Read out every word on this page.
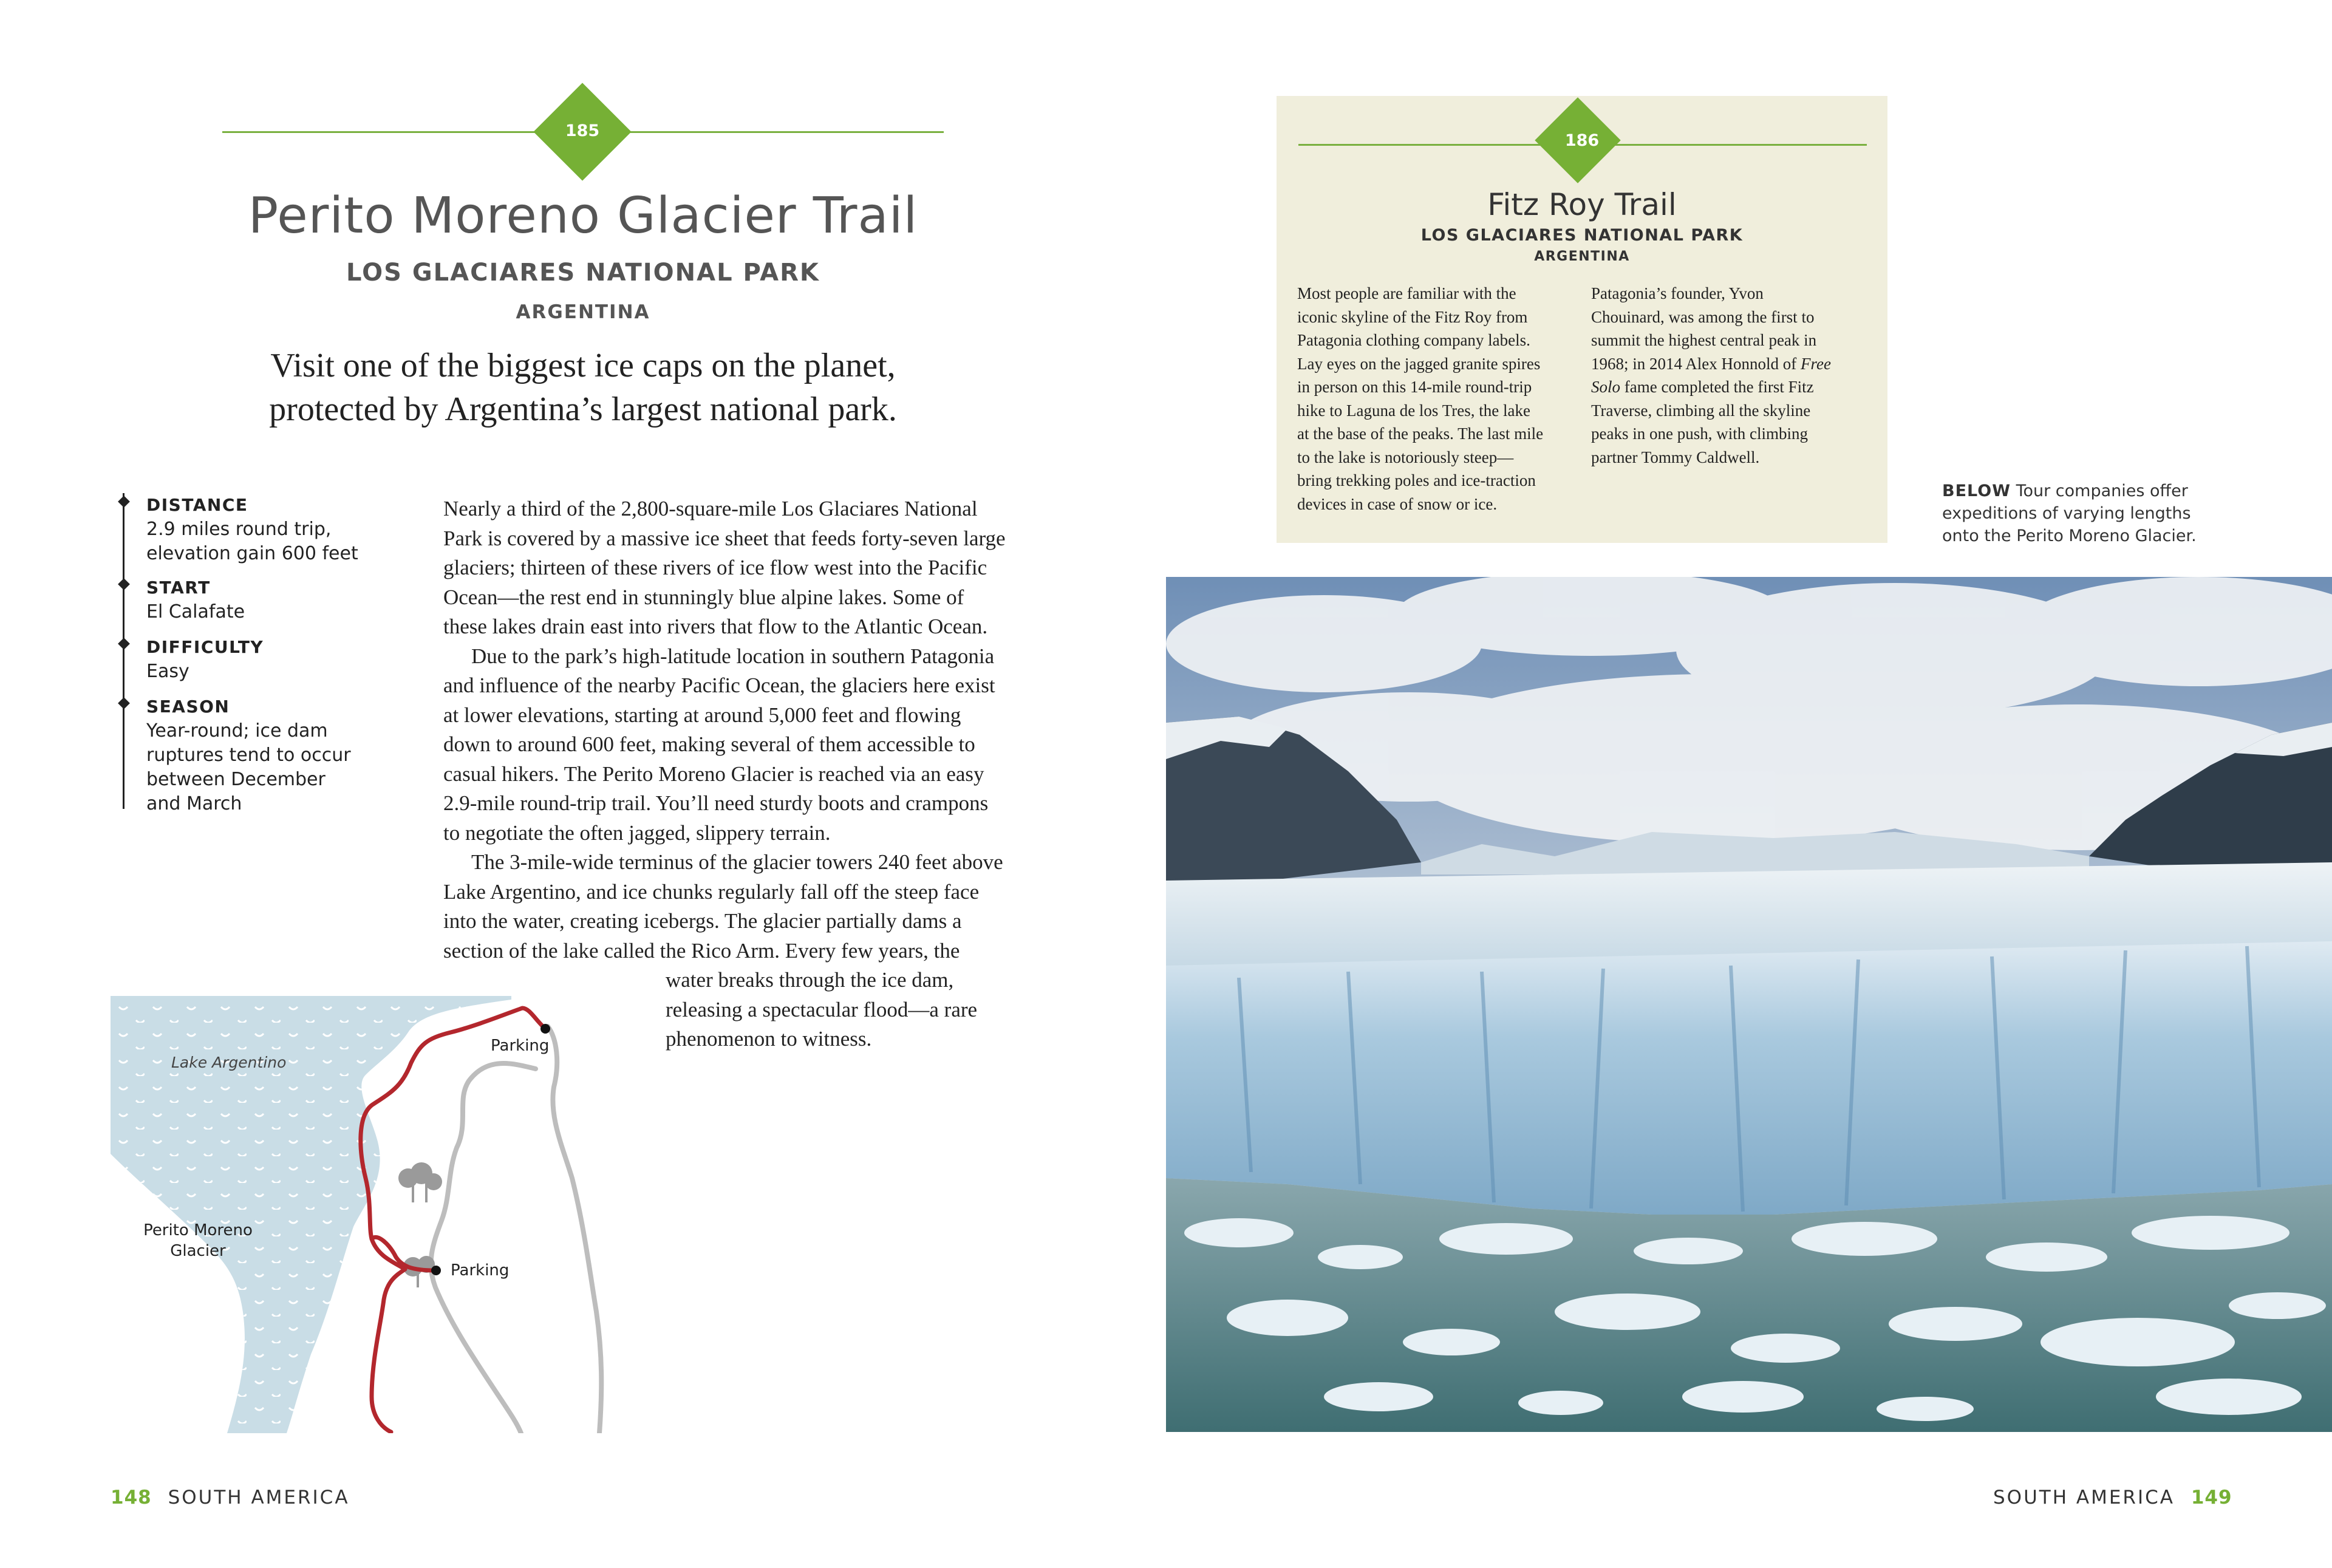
185
Perito Moreno Glacier Trail
LOS GLACIARES NATIONAL PARK
ARGENTINA
Visit one of the biggest ice caps on the planet,
protected by Argentina’s largest national park.
DISTANCE
2.9 miles round trip,
elevation gain 600 feet
START
El Calafate
DIFFICULTY
Easy
SEASON
Year-round; ice dam
ruptures tend to occur
between December
and March
Nearly a third of the 2,800-square-mile Los Glaciares National
Park is covered by a massive ice sheet that feeds forty-seven large
glaciers; thirteen of these rivers of ice flow west into the Pacific
Ocean—the rest end in stunningly blue alpine lakes. Some of
these lakes drain east into rivers that flow to the Atlantic Ocean.
Due to the park’s high-latitude location in southern Patagonia
and influence of the nearby Pacific Ocean, the glaciers here exist
at lower elevations, starting at around 5,000 feet and flowing
down to around 600 feet, making several of them accessible to
casual hikers. The Perito Moreno Glacier is reached via an easy
2.9-mile round-trip trail. You’ll need sturdy boots and crampons
to negotiate the often jagged, slippery terrain.
The 3-mile-wide terminus of the glacier towers 240 feet above
Lake Argentino, and ice chunks regularly fall off the steep face
into the water, creating icebergs. The glacier partially dams a
section of the lake called the Rico Arm. Every few years, the
water breaks through the ice dam,
releasing a spectacular flood—a rare
phenomenon to witness.
Lake Argentino
Parking
Parking
Perito Moreno
Glacier
148 SOUTH AMERICA
186
Fitz Roy Trail
LOS GLACIARES NATIONAL PARK
ARGENTINA
Most people are familiar with the
iconic skyline of the Fitz Roy from
Patagonia clothing company labels.
Lay eyes on the jagged granite spires
in person on this 14-mile round-trip
hike to Laguna de los Tres, the lake
at the base of the peaks. The last mile
to the lake is notoriously steep—
bring trekking poles and ice-traction
devices in case of snow or ice.
Patagonia’s founder, Yvon
Chouinard, was among the first to
summit the highest central peak in
1968; in 2014 Alex Honnold of Free
Solo fame completed the first Fitz
Traverse, climbing all the skyline
peaks in one push, with climbing
partner Tommy Caldwell.
BELOW Tour companies offer
expeditions of varying lengths
onto the Perito Moreno Glacier.
SOUTH AMERICA 149
